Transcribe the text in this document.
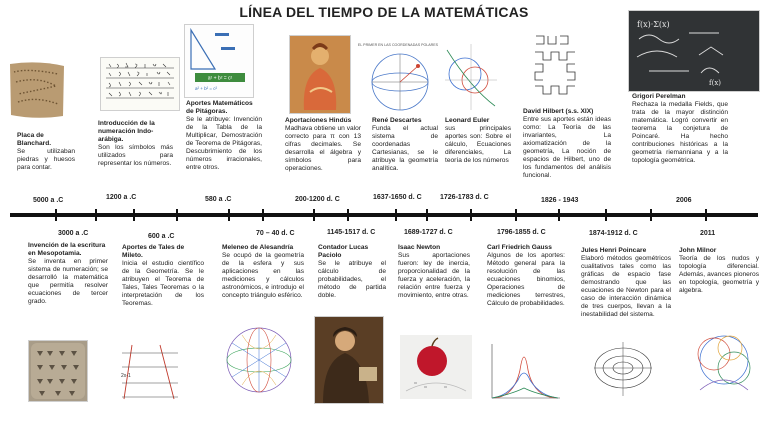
LÍNEA DEL TIEMPO DE LA MATEMÁTICAS
5000 a .C	1200 a .C	580 a .C	200-1200 d. C	1637-1650 d. C	1726-1783 d. C	1826 - 1943	2006
3000 a .C	600 a .C	70 – 40 d. C	1145-1517 d. C	1689-1727 d. C	1796-1855 d. C	1874-1912 d. C	2011
a² + b² = c²
a² + b² = c²
EL PRIMER EN LAS COORDENADAS POLARES
f(x)·Σ(x)
f(x)
2x-1
Placa de Blanchard.
Se utilizaban piedras y huesos para contar.
Introducción de la numeración Indo-arábiga.
Son los símbolos más utilizados para representar los números.
Aportes Matemáticos de Pitágoras.
Se le atribuye: Invención de la Tabla de la Multiplicar, Demostración de Teorema de Pitágoras, Descubrimiento de los números irracionales, entre otros.
Aportaciones Hindús
Madhava obtiene un valor correcto para π con 13 cifras decimales. Se desarrolla el álgebra y símbolos para operaciones.
René Descartes
Funda el actual sistema de coordenadas Cartesianas, se le atribuye la geometría analítica.
Leonard Euler
sus principales aportes son: Sobre el cálculo, Ecuaciones diferenciales, La teoría de los números
David Hilbert (s.s. XIX)
Entre sus aportes están ideas como: La Teoría de las invariantes, La axiomatización de la geometría, La noción de espacios de Hilbert, uno de los fundamentos del análisis funcional.
Grigori Perelman
Rechaza la medalla Fields, que trata de la mayor distinción matemática. Logró convertir en teorema la conjetura de Poincaré. Ha hecho contribuciones históricas a la geometría riemanniana y a la topología geométrica.
Invención de la escritura en Mesopotamia.
Se inventa en primer sistema de numeración; se desarrolló la matemática que permitía resolver ecuaciones de tercer grado.
Aportes de Tales de Mileto.
Inicia el estudio científico de la Geometría. Se le atribuyen el Teorema de Tales, Tales Teoremas o la interpretación de los Teoremas.
Meleneo de Alesandría
Se ocupó de la geometría de la esfera y sus aplicaciones en las mediciones y cálculos astronómicos, e introdujo el concepto triángulo esférico.
Contador Lucas Paciolo
Se le atribuye el cálculo de probabilidades, el método de partida doble.
Isaac Newton
Sus aportaciones fueron: ley de inercia, proporcionalidad de la fuerza y aceleración, la relación entre fuerza y movimiento, entre otras.
Carl Friedrich Gauss
Algunos de los aportes: Método general para la resolución de las ecuaciones binomios, Operaciones de mediciones terrestres, Cálculo de probabilidades.
Jules Henri Poincare
Elaboró métodos geométricos cualitativos tales como las gráficas de espacio fase demostrando que las ecuaciones de Newton para el caso de interacción dinámica de tres cuerpos, llevan a la inestabilidad del sistema.
John Milnor
Teoría de los nudos y topología diferencial. Además, avances pioneros en topología, geometría y algebra.
